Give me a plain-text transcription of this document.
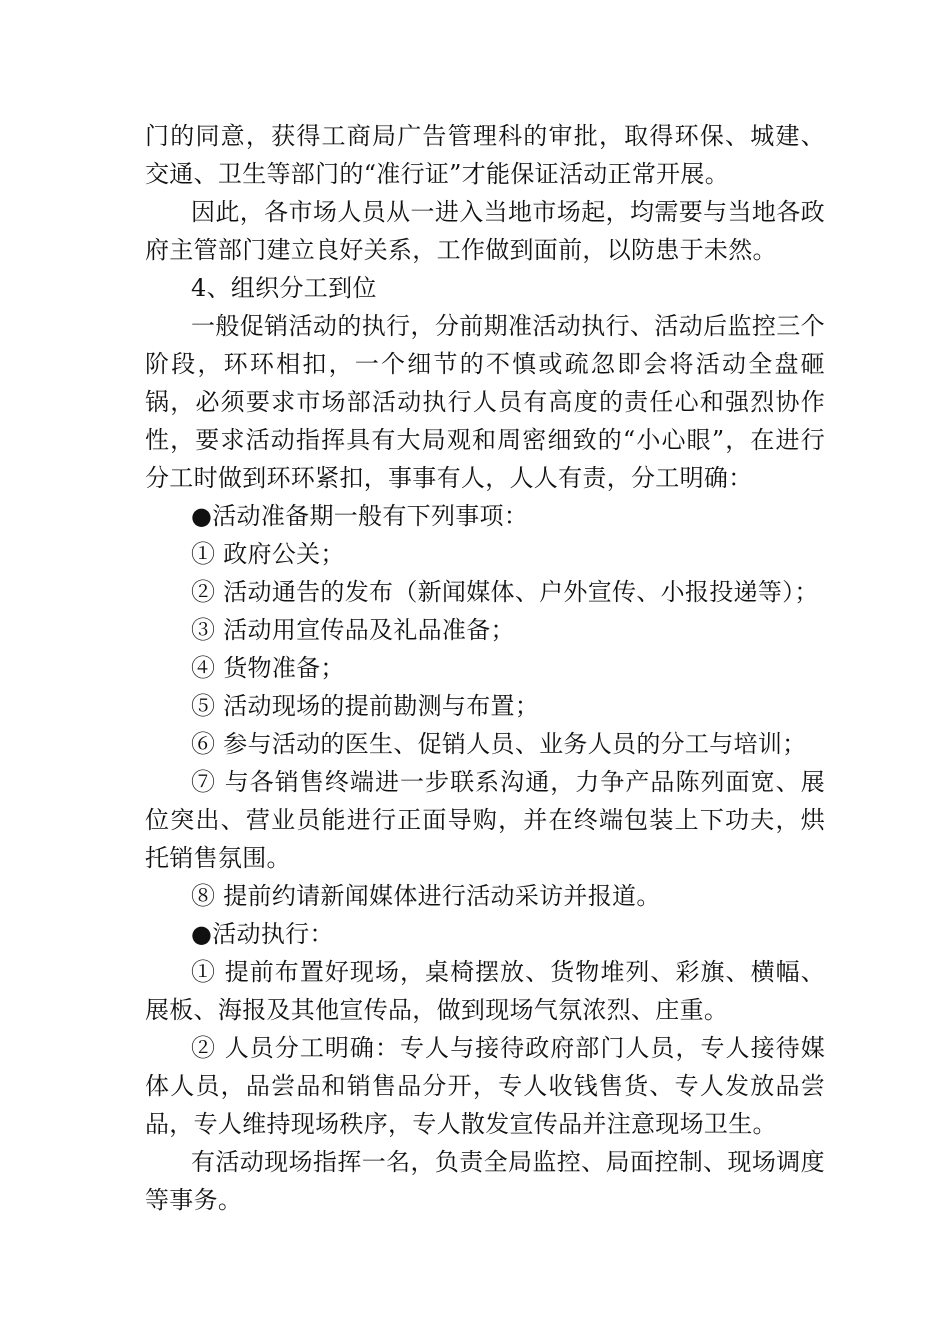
门的同意，获得工商局广告管理科的审批，取得环保、城建、交通、卫生等部门的“准行证”才能保证活动正常开展。

因此，各市场人员从一进入当地市场起，均需要与当地各政府主管部门建立良好关系，工作做到面前，以防患于未然。

4、组织分工到位

一般促销活动的执行，分前期准活动执行、活动后监控三个阶段，环环相扣，一个细节的不慎或疏忽即会将活动全盘砸锅，必须要求市场部活动执行人员有高度的责任心和强烈协作性，要求活动指挥具有大局观和周密细致的“小心眼”，在进行分工时做到环环紧扣，事事有人，人人有责，分工明确：

●活动准备期一般有下列事项：

① 政府公关；

② 活动通告的发布（新闻媒体、户外宣传、小报投递等）；

③ 活动用宣传品及礼品准备；

④ 货物准备；

⑤ 活动现场的提前勘测与布置；

⑥ 参与活动的医生、促销人员、业务人员的分工与培训；

⑦ 与各销售终端进一步联系沟通，力争产品陈列面宽、展位突出、营业员能进行正面导购，并在终端包装上下功夫，烘托销售氛围。

⑧ 提前约请新闻媒体进行活动采访并报道。

●活动执行：

① 提前布置好现场，桌椅摆放、货物堆列、彩旗、横幅、展板、海报及其他宣传品，做到现场气氛浓烈、庄重。

② 人员分工明确：专人与接待政府部门人员，专人接待媒体人员，品尝品和销售品分开，专人收钱售货、专人发放品尝品，专人维持现场秩序，专人散发宣传品并注意现场卫生。

有活动现场指挥一名，负责全局监控、局面控制、现场调度等事务。
